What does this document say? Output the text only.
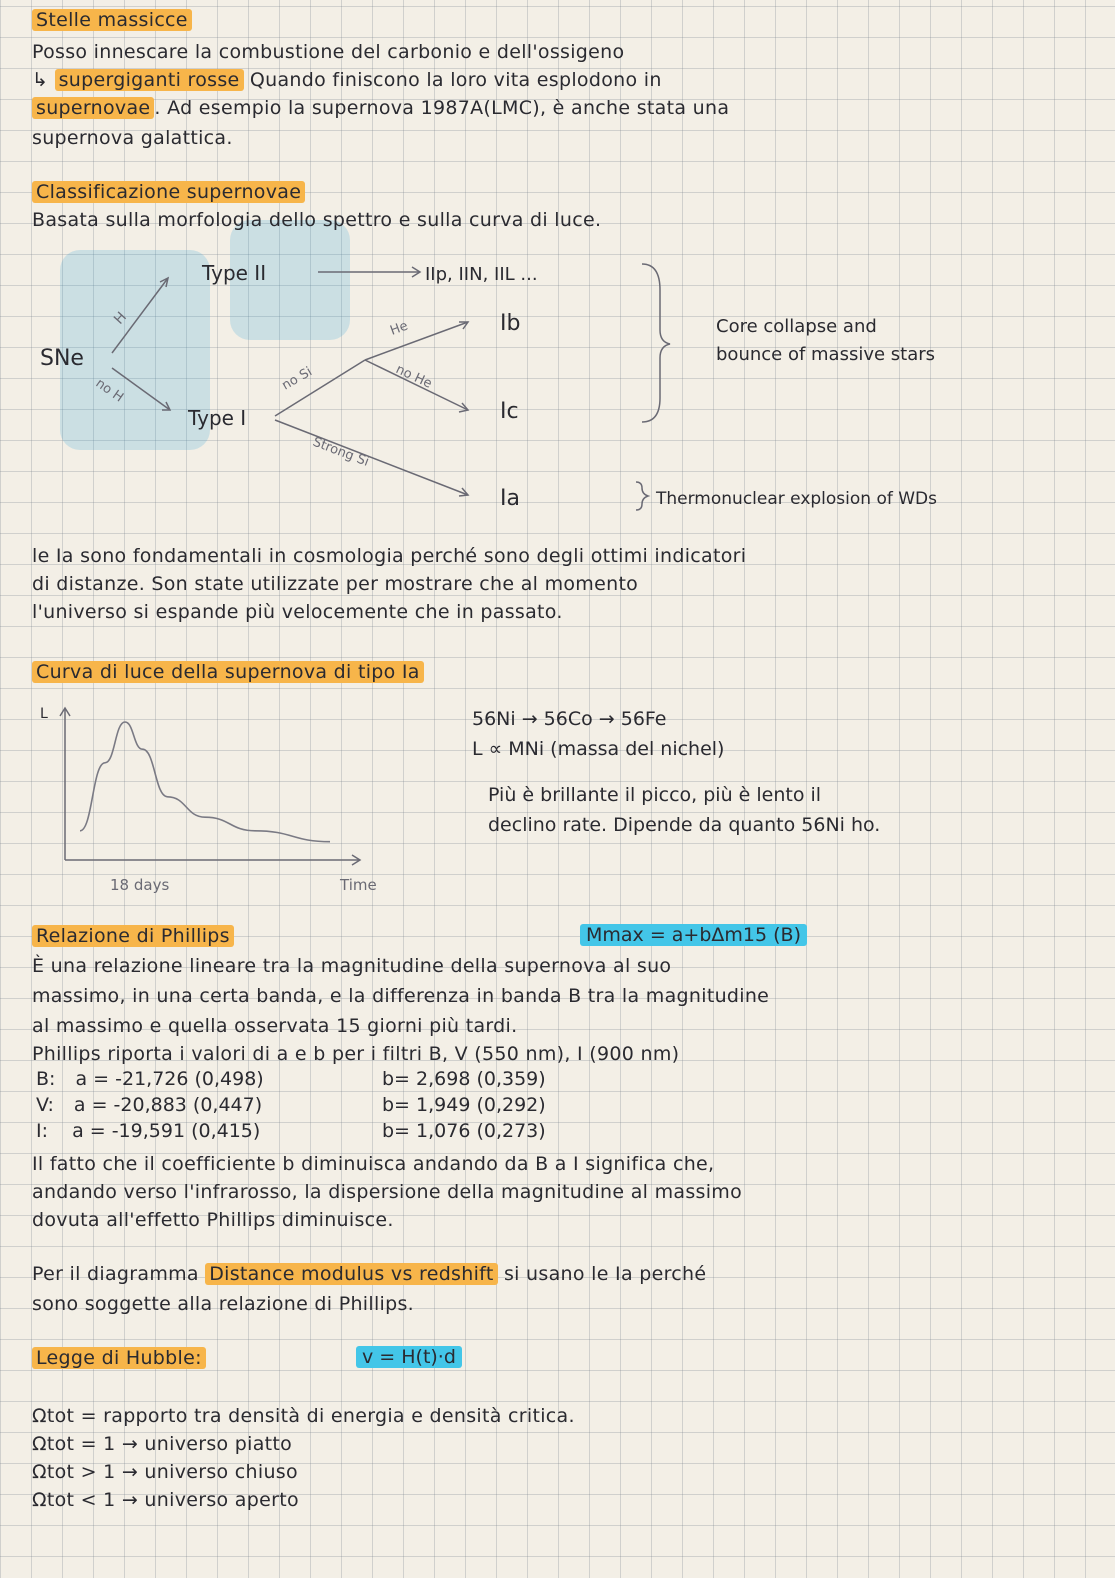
Stelle massicce
Posso innescare la combustione del carbonio e dell'ossigeno
↳ supergiganti rosse Quando finiscono la loro vita esplodono in
supernovae . Ad esempio la supernova 1987A(LMC), è anche stata una
supernova galattica.
Classificazione supernovae
Basata sulla morfologia dello spettro e sulla curva di luce.
SNe
Type II
Type I
H
no H	no Si
He
no He
Strong Si
IIp, IIN, IIL ...
Ib
Ic
Ia
Core collapse and
bounce of massive stars
Thermonuclear explosion of WDs
le Ia sono fondamentali in cosmologia perché sono degli ottimi indicatori
di distanze. Son state utilizzate per mostrare che al momento
l'universo si espande più velocemente che in passato.
Curva di luce della supernova di tipo Ia
L
Time
18 days
56Ni → 56Co → 56Fe
L ∝ MNi (massa del nichel)
Più è brillante il picco, più è lento il
declino rate. Dipende da quanto 56Ni ho.
Relazione di Phillips	Mmax = a+bΔm15 (B)
È una relazione lineare tra la magnitudine della supernova al suo
massimo, in una certa banda, e la differenza in banda B tra la magnitudine
al massimo e quella osservata 15 giorni più tardi.
Phillips riporta i valori di a e b per i filtri B, V (550 nm), I (900 nm)
B: a = -21,726 (0,498)	b= 2,698 (0,359)
V: a = -20,883 (0,447)	b= 1,949 (0,292)
I: a = -19,591 (0,415)	b= 1,076 (0,273)
Il fatto che il coefficiente b diminuisca andando da B a I significa che,
andando verso l'infrarosso, la dispersione della magnitudine al massimo
dovuta all'effetto Phillips diminuisce.
Per il diagramma Distance modulus vs redshift si usano le Ia perché
sono soggette alla relazione di Phillips.
Legge di Hubble:	v = H(t)·d
Ωtot = rapporto tra densità di energia e densità critica.
Ωtot = 1 → universo piatto
Ωtot > 1 → universo chiuso
Ωtot < 1 → universo aperto
